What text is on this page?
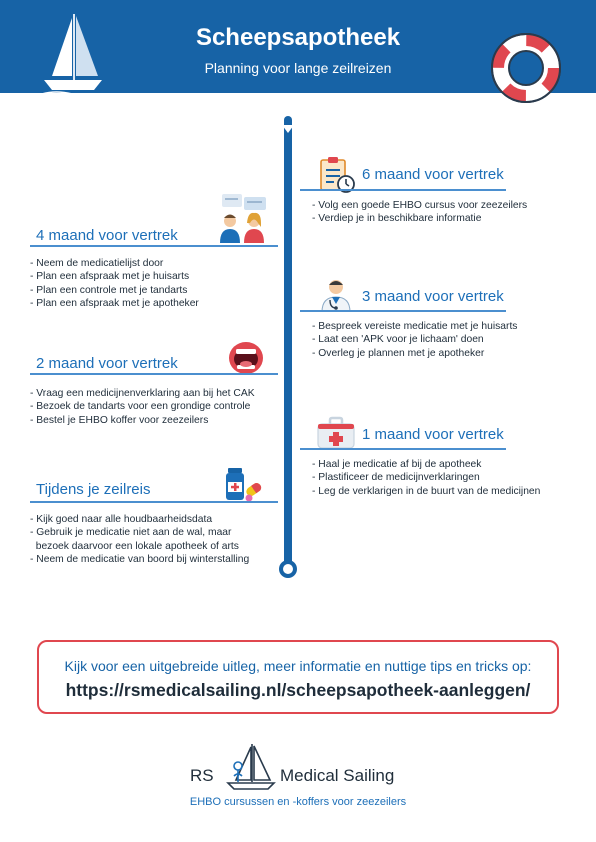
Scheepsapotheek
Planning voor lange zeilreizen
6 maand voor vertrek
- Volg een goede EHBO cursus voor zeezeilers
- Verdiep je in beschikbare informatie
4 maand voor vertrek
- Neem de medicatielijst door
- Plan een afspraak met je huisarts
- Plan een controle met je tandarts
- Plan een afspraak met je apotheker	3 maand voor vertrek
- Bespreek vereiste medicatie met je huisarts
- Laat een 'APK voor je lichaam' doen
- Overleg je plannen met je apotheker
2 maand voor vertrek
- Vraag een medicijnenverklaring aan bij het CAK
- Bezoek de tandarts voor een grondige controle
- Bestel je EHBO koffer voor zeezeilers
1 maand voor vertrek
- Haal je medicatie af bij de apotheek
- Plastificeer de medicijnverklaringen
- Leg de verklarigen in de buurt van de medicijnen
Tijdens je zeilreis
- Kijk goed naar alle houdbaarheidsdata
- Gebruik je medicatie niet aan de wal, maar
bezoek daarvoor een lokale apotheek of arts
- Neem de medicatie van boord bij winterstalling
Kijk voor een uitgebreide uitleg, meer informatie en nuttige tips en tricks op:
https://rsmedicalsailing.nl/scheepsapotheek-aanleggen/
RS	Medical Sailing
EHBO cursussen en -koffers voor zeezeilers
